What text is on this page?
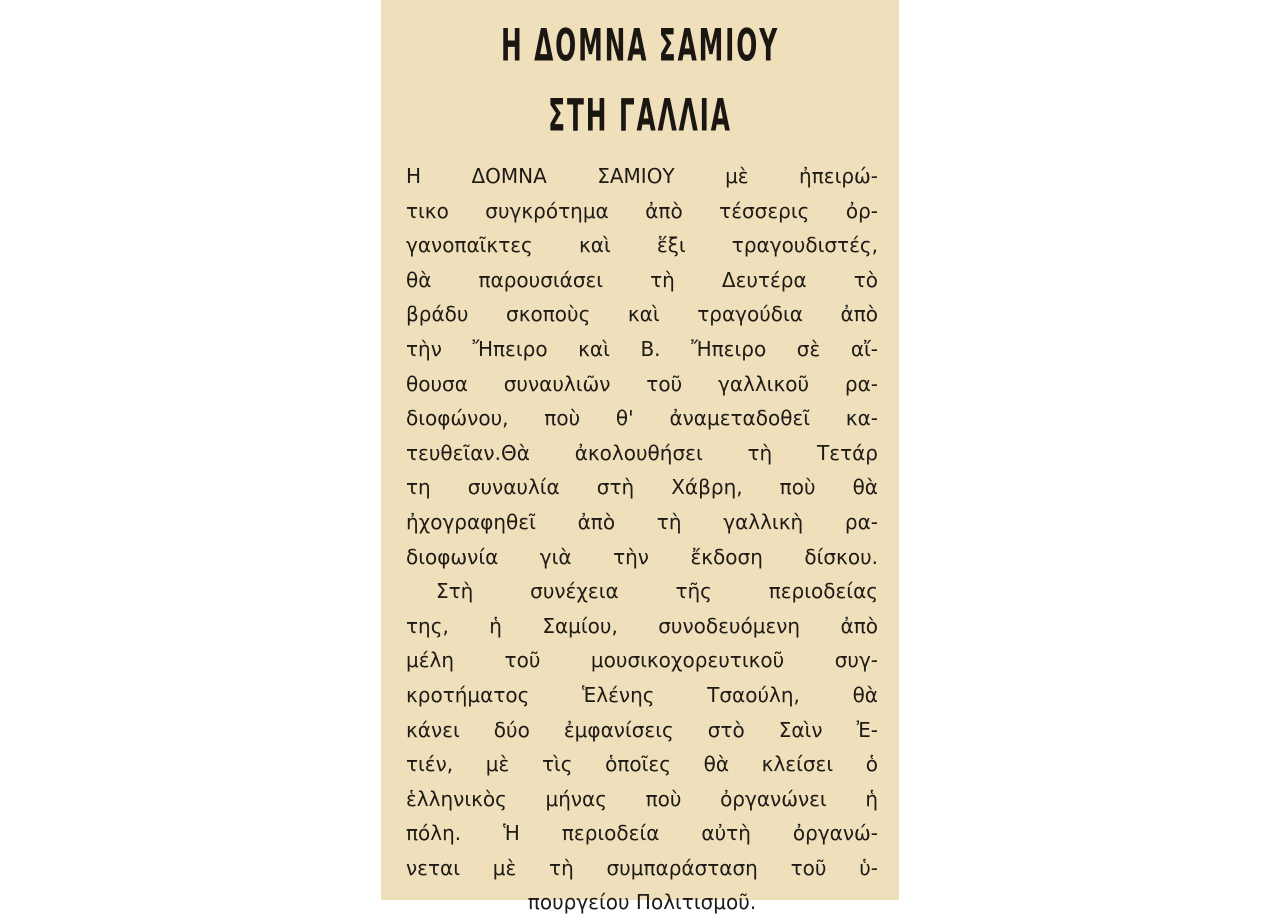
Η ΔΟΜΝΑ ΣΑΜΙΟΥ
ΣΤΗ ΓΑΛΛΙΑ
Η ΔΟΜΝΑ ΣΑΜΙΟΥ μὲ ἠπειρώ-
τικο συγκρότημα ἀπὸ τέσσερις ὀρ-
γανοπαῖκτες καὶ ἕξι τραγουδιστές,
θὰ παρουσιάσει τὴ Δευτέρα τὸ
βράδυ σκοποὺς καὶ τραγούδια ἀπὸ
τὴν Ἤπειρο καὶ Β. Ἤπειρο σὲ αἴ-
θουσα συναυλιῶν τοῦ γαλλικοῦ ρα-
διοφώνου, ποὺ θ' ἀναμεταδοθεῖ κα-
τευθεῖαν.Θὰ ἀκολουθήσει τὴ Τετάρ
τη συναυλία στὴ Χάβρη, ποὺ θὰ
ἠχογραφηθεῖ ἀπὸ τὴ γαλλικὴ ρα-
διοφωνία γιὰ τὴν ἔκδοση δίσκου.
Στὴ συνέχεια τῆς περιοδείας
της, ἡ Σαμίου, συνοδευόμενη ἀπὸ
μέλη τοῦ μουσικοχορευτικοῦ συγ-
κροτήματος Ἑλένης Τσαούλη, θὰ
κάνει δύο ἐμφανίσεις στὸ Σαὶν Ἐ-
τιέν, μὲ τὶς ὁποῖες θὰ κλείσει ὁ
ἑλληνικὸς μήνας ποὺ ὀργανώνει ἡ
πόλη. Ἡ περιοδεία αὐτὴ ὀργανώ-
νεται μὲ τὴ συμπαράσταση τοῦ ὑ-
πουργείου Πολιτισμοῦ.
